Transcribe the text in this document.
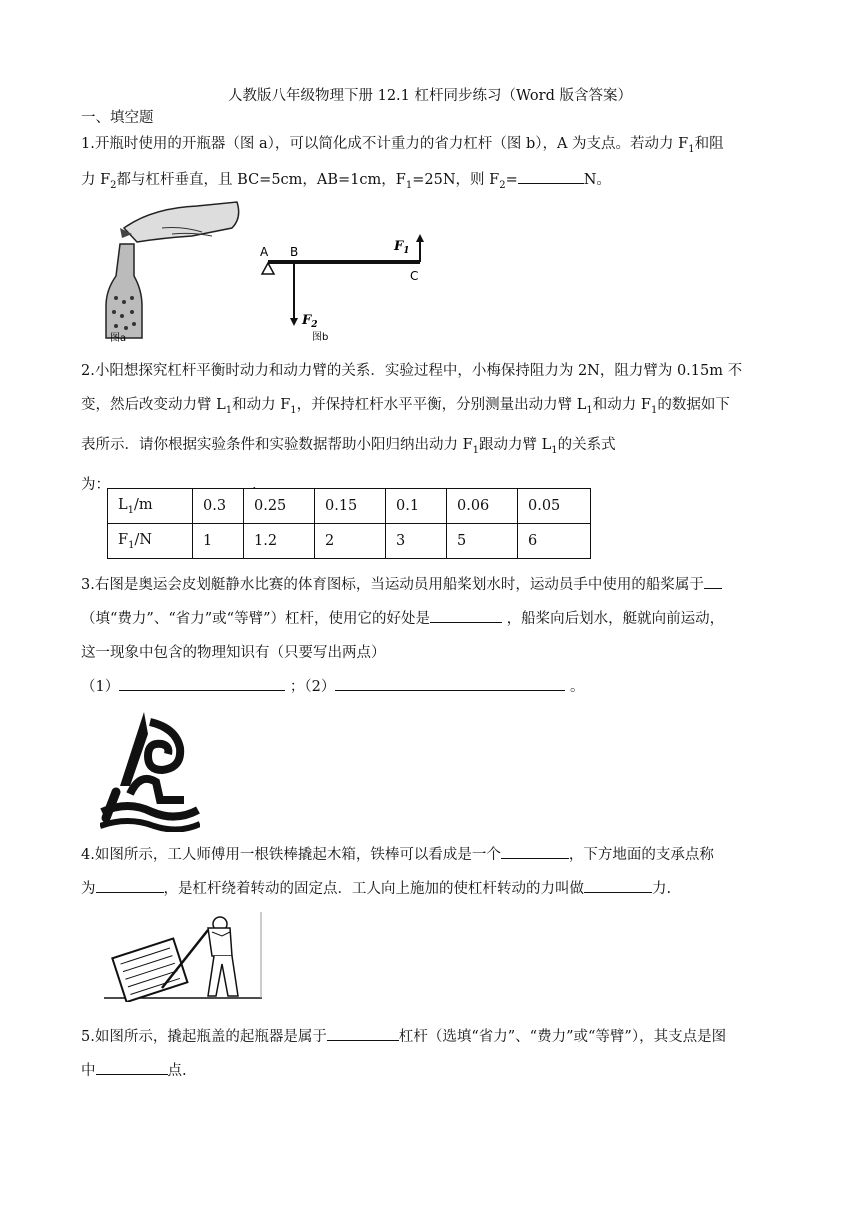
人教版八年级物理下册 12.1 杠杆同步练习（Word 版含答案）
一、填空题
1.开瓶时使用的开瓶器（图 a），可以简化成不计重力的省力杠杆（图 b），A 为支点。若动力 $F_1$和阻
力 $F_2$都与杠杆垂直，且 BC=5cm，AB=1cm，$F_1=25N$，则 $F_2=$	N。
图a
A B
C
$F_1$
$F_2$
图b
2.小阳想探究杠杆平衡时动力和动力臂的关系．实验过程中，小梅保持阻力为 2N，阻力臂为 0.15m 不
变，然后改变动力臂 $L_1$和动力 $F_1$，并保持杠杆水平平衡，分别测量出动力臂 $L_1$和动力 $F_1$的数据如下
表所示．请你根据实验条件和实验数据帮助小阳归纳出动力 $F_1$跟动力臂 $L_1$的关系式
为：	.
$L_1/m$	0.3	0.25	0.15	0.1	0.06	0.05
$F_1/N$	1	1.2	2	3	5	6
3.右图是奥运会皮划艇静水比赛的体育图标，当运动员用船桨划水时，运动员手中使用的船桨属于
（填“费力”、“省力”或“等臂”）杠杆，使用它的好处是	，船桨向后划水，艇就向前运动，
这一现象中包含的物理知识有（只要写出两点）
（1）	；（2）	。
4.如图所示，工人师傅用一根铁棒撬起木箱，铁棒可以看成是一个	，下方地面的支承点称
为	，是杠杆绕着转动的固定点．工人向上施加的使杠杆转动的力叫做	力.
5.如图所示，撬起瓶盖的起瓶器是属于	杠杆（选填“省力”、“费力”或“等臂”），其支点是图
中	点.
